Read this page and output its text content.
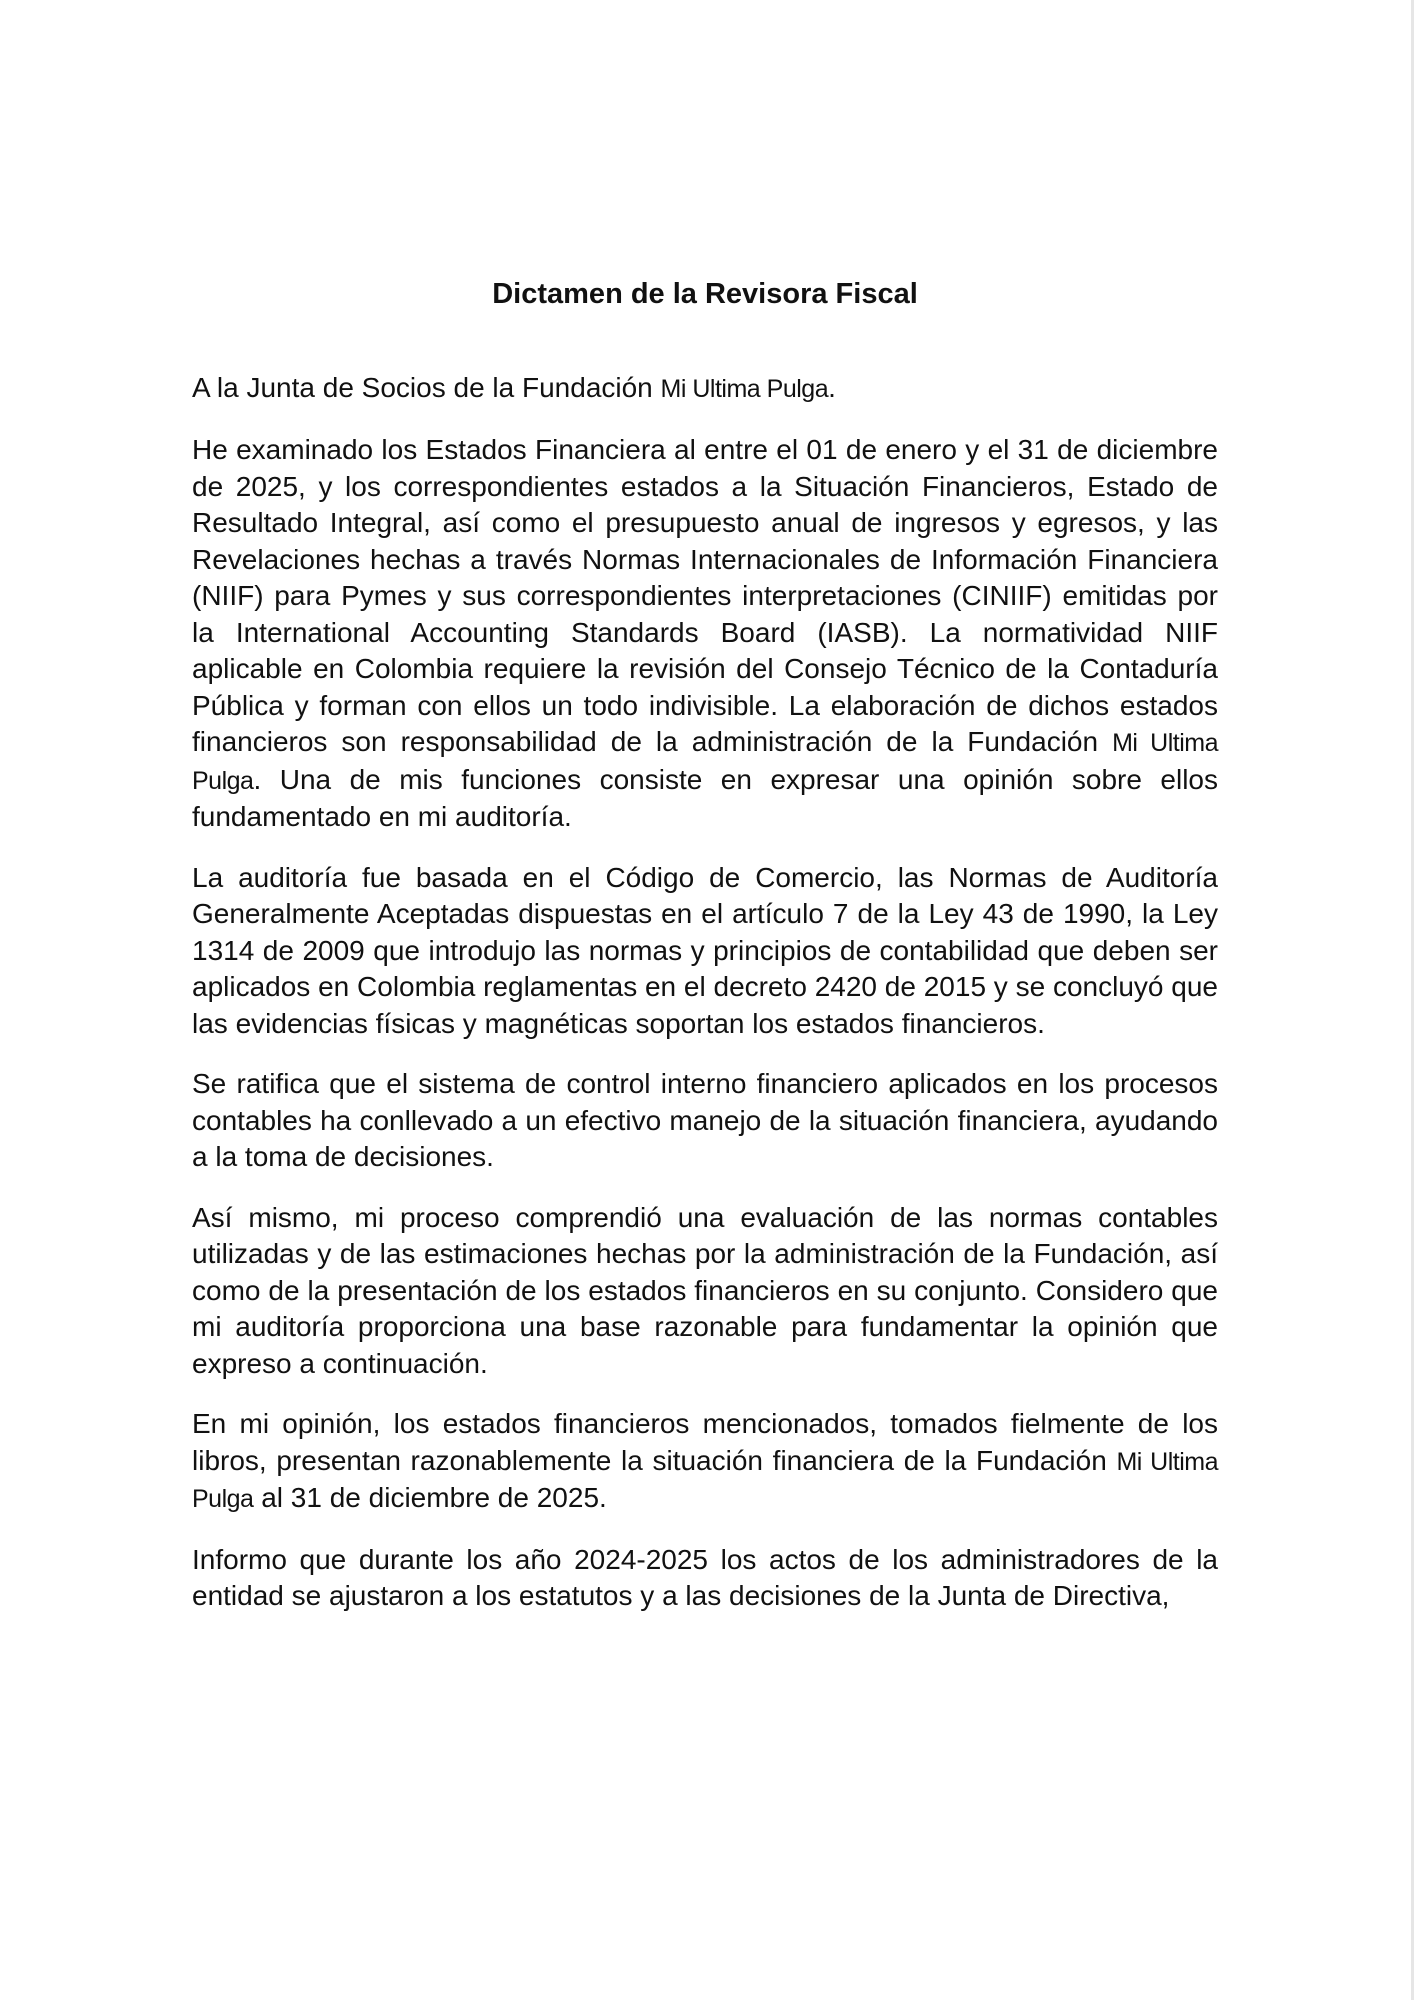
Dictamen de la Revisora Fiscal

A la Junta de Socios de la Fundación Mi Ultima Pulga.

He examinado los Estados Financiera al entre el 01 de enero y el 31 de diciembre de 2025, y los correspondientes estados a la Situación Financieros, Estado de Resultado Integral, así como el presupuesto anual de ingresos y egresos, y las Revelaciones hechas a través Normas Internacionales de Información Financiera (NIIF) para Pymes y sus correspondientes interpretaciones (CINIIF) emitidas por la International Accounting Standards Board (IASB). La normatividad NIIF aplicable en Colombia requiere la revisión del Consejo Técnico de la Contaduría Pública y forman con ellos un todo indivisible. La elaboración de dichos estados financieros son responsabilidad de la administración de la Fundación Mi Ultima Pulga. Una de mis funciones consiste en expresar una opinión sobre ellos fundamentado en mi auditoría.

La auditoría fue basada en el Código de Comercio, las Normas de Auditoría Generalmente Aceptadas dispuestas en el artículo 7 de la Ley 43 de 1990, la Ley 1314 de 2009 que introdujo las normas y principios de contabilidad que deben ser aplicados en Colombia reglamentas en el decreto 2420 de 2015 y se concluyó que las evidencias físicas y magnéticas soportan los estados financieros.

Se ratifica que el sistema de control interno financiero aplicados en los procesos contables ha conllevado a un efectivo manejo de la situación financiera, ayudando a la toma de decisiones.

Así mismo, mi proceso comprendió una evaluación de las normas contables utilizadas y de las estimaciones hechas por la administración de la Fundación, así como de la presentación de los estados financieros en su conjunto. Considero que mi auditoría proporciona una base razonable para fundamentar la opinión que expreso a continuación.

En mi opinión, los estados financieros mencionados, tomados fielmente de los libros, presentan razonablemente la situación financiera de la Fundación Mi Ultima Pulga al 31 de diciembre de 2025.

Informo que durante los año 2024-2025 los actos de los administradores de la entidad se ajustaron a los estatutos y a las decisiones de la Junta de Directiva,
